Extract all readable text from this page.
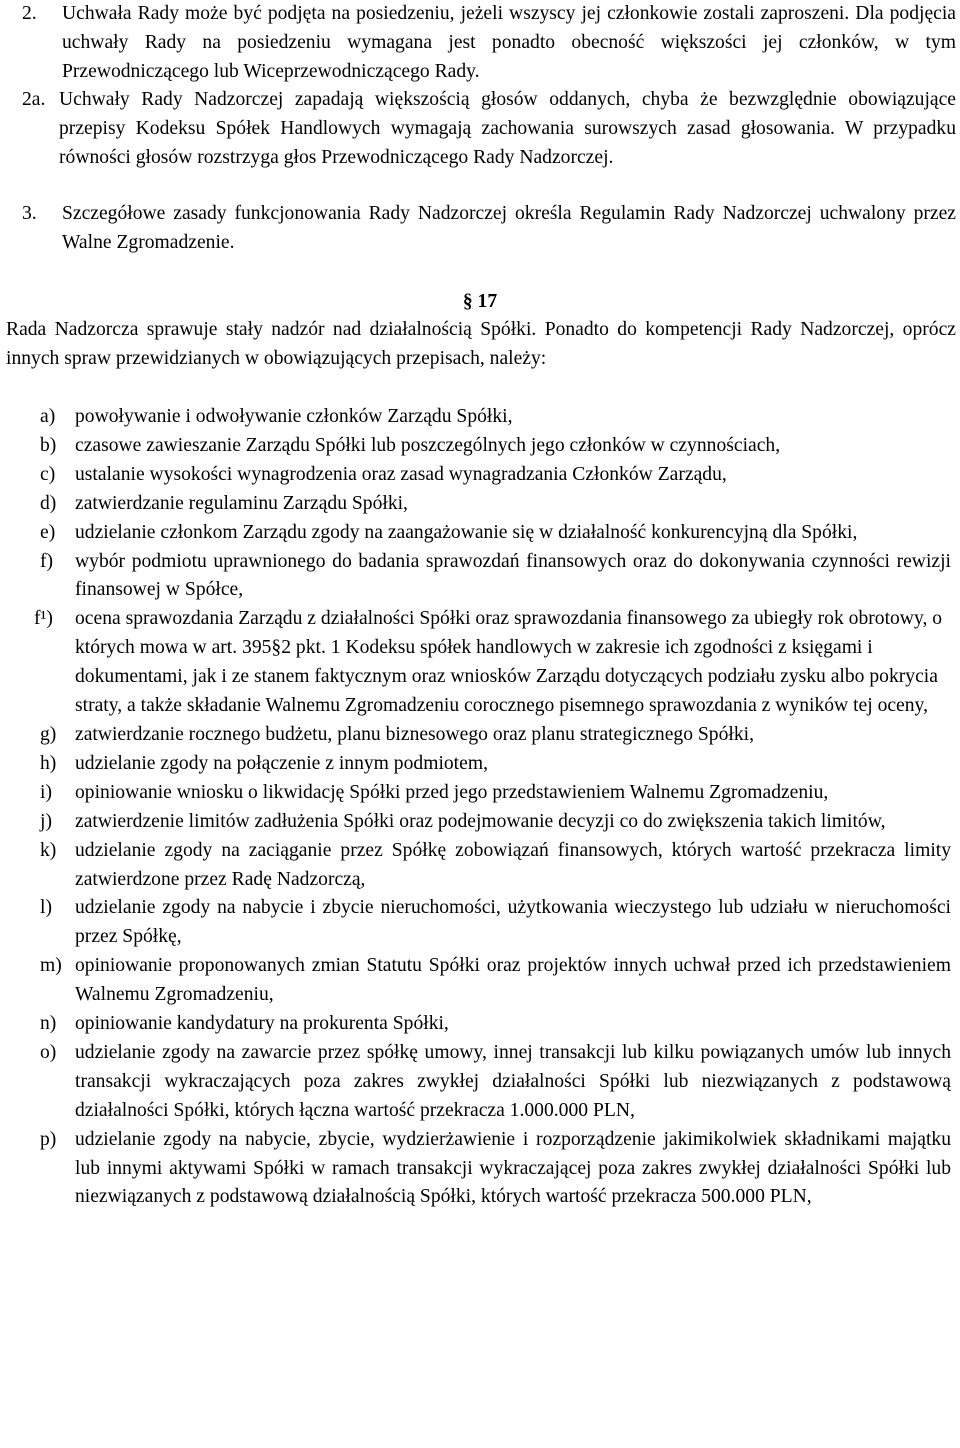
2.	Uchwała Rady może być podjęta na posiedzeniu, jeżeli wszyscy jej członkowie zostali zaproszeni. Dla podjęcia uchwały Rady na posiedzeniu wymagana jest ponadto obecność większości jej członków, w tym Przewodniczącego lub Wiceprzewodniczącego Rady.
2a. Uchwały Rady Nadzorczej zapadają większością głosów oddanych, chyba że bezwzględnie obowiązujące przepisy Kodeksu Spółek Handlowych wymagają zachowania surowszych zasad głosowania. W przypadku równości głosów rozstrzyga głos Przewodniczącego Rady Nadzorczej.
3.	Szczegółowe zasady funkcjonowania Rady Nadzorczej określa Regulamin Rady Nadzorczej uchwalony przez Walne Zgromadzenie.
§ 17
Rada Nadzorcza sprawuje stały nadzór nad działalnością Spółki. Ponadto do kompetencji Rady Nadzorczej, oprócz innych spraw przewidzianych w obowiązujących przepisach, należy:
a)	powoływanie i odwoływanie członków Zarządu Spółki,
b) czasowe zawieszanie Zarządu Spółki lub poszczególnych jego członków w czynnościach,
c)	ustalanie wysokości wynagrodzenia oraz zasad wynagradzania Członków Zarządu,
d) zatwierdzanie regulaminu Zarządu Spółki,
e)	udzielanie członkom Zarządu zgody na zaangażowanie się w działalność konkurencyjną dla Spółki,
f)	wybór podmiotu uprawnionego do badania sprawozdań finansowych oraz do dokonywania czynności rewizji finansowej w Spółce,
f¹)	ocena sprawozdania Zarządu z działalności Spółki oraz sprawozdania finansowego za ubiegły rok obrotowy, o których mowa w art. 395§2 pkt. 1 Kodeksu spółek handlowych w zakresie ich zgodności z księgami i dokumentami, jak i ze stanem faktycznym oraz wniosków Zarządu dotyczących podziału zysku albo pokrycia straty, a także składanie Walnemu Zgromadzeniu corocznego pisemnego sprawozdania z wyników tej oceny,
g) zatwierdzanie rocznego budżetu, planu biznesowego oraz planu strategicznego Spółki,
h) udzielanie zgody na połączenie z innym podmiotem,
i)	opiniowanie wniosku o likwidację Spółki przed jego przedstawieniem Walnemu Zgromadzeniu,
j)	zatwierdzenie limitów zadłużenia Spółki oraz podejmowanie decyzji co do zwiększenia takich limitów,
k) udzielanie zgody na zaciąganie przez Spółkę zobowiązań finansowych, których wartość przekracza limity zatwierdzone przez Radę Nadzorczą,
l)	udzielanie zgody na nabycie i zbycie nieruchomości, użytkowania wieczystego lub udziału w nieruchomości przez Spółkę,
m) opiniowanie proponowanych zmian Statutu Spółki oraz projektów innych uchwał przed ich przedstawieniem Walnemu Zgromadzeniu,
n) opiniowanie kandydatury na prokurenta Spółki,
o) udzielanie zgody na zawarcie przez spółkę umowy, innej transakcji lub kilku powiązanych umów lub innych transakcji wykraczających poza zakres zwykłej działalności Spółki lub niezwiązanych z podstawową działalności Spółki, których łączna wartość przekracza 1.000.000 PLN,
p) udzielanie zgody na nabycie, zbycie, wydzierżawienie i rozporządzenie jakimikolwiek składnikami majątku lub innymi aktywami Spółki w ramach transakcji wykraczającej poza zakres zwykłej działalności Spółki lub niezwiązanych z podstawową działalnością Spółki, których wartość przekracza 500.000 PLN,
